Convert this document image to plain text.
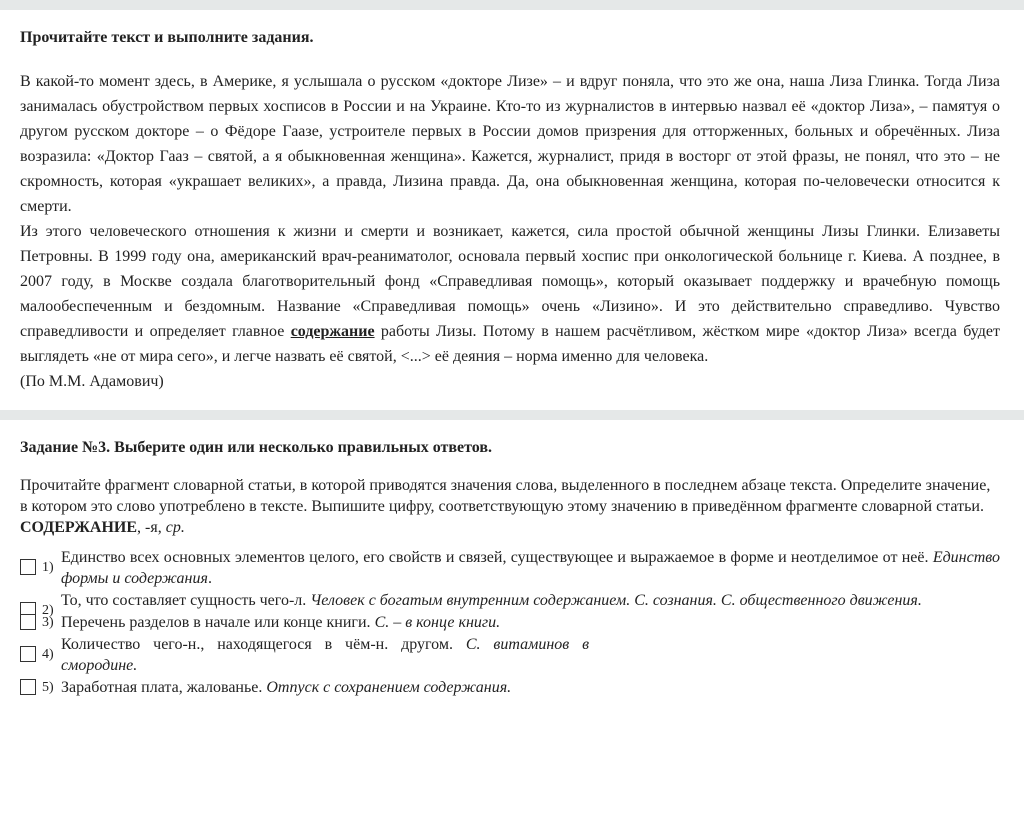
Прочитайте текст и выполните задания.

В какой-то момент здесь, в Америке, я услышала о русском «докторе Лизе» – и вдруг поняла, что это же она, наша Лиза Глинка. Тогда Лиза занималась обустройством первых хосписов в России и на Украине. Кто-то из журналистов в интервью назвал её «доктор Лиза», – памятуя о другом русском докторе – о Фёдоре Гаазе, устроителе первых в России домов призрения для отторженных, больных и обречённых. Лиза возразила: «Доктор Гааз – святой, а я обыкновенная женщина». Кажется, журналист, придя в восторг от этой фразы, не понял, что это – не скромность, которая «украшает великих», а правда, Лизина правда. Да, она обыкновенная женщина, которая по-человечески относится к смерти.

Из этого человеческого отношения к жизни и смерти и возникает, кажется, сила простой обычной женщины Лизы Глинки. Елизаветы Петровны. В 1999 году она, американский врач-реаниматолог, основала первый хоспис при онкологической больнице г. Киева. А позднее, в 2007 году, в Москве создала благотворительный фонд «Справедливая помощь», который оказывает поддержку и врачебную помощь малообеспеченным и бездомным. Название «Справедливая помощь» очень «Лизино». И это действительно справедливо. Чувство справедливости и определяет главное содержание работы Лизы. Потому в нашем расчётливом, жёстком мире «доктор Лиза» всегда будет выглядеть «не от мира сего», и легче назвать её святой, <...> её деяния – норма именно для человека.

(По М.М. Адамович)

Задание №3. Выберите один или несколько правильных ответов.

Прочитайте фрагмент словарной статьи, в которой приводятся значения слова, выделенного в последнем абзаце текста. Определите значение,

в котором это слово употреблено в тексте. Выпишите цифру, соответствующую этому значению в приведённом фрагменте словарной статьи.

СОДЕРЖАНИЕ, -я, ср.

1)
Единство всех основных элементов целого, его свойств и связей, существующее и выражаемое в форме и неотделимое от неё. Единство формы и содержания.
2)
То, что составляет сущность чего-л. Человек с богатым внутренним содержанием. С. сознания. С. общественного движения.
3) Перечень разделов в начале или конце книги. С. – в конце книги.
4)
Количество чего-н., находящегося в чём-н. другом. С. витаминов в смородине.
5) Заработная плата, жалованье. Отпуск с сохранением содержания.
